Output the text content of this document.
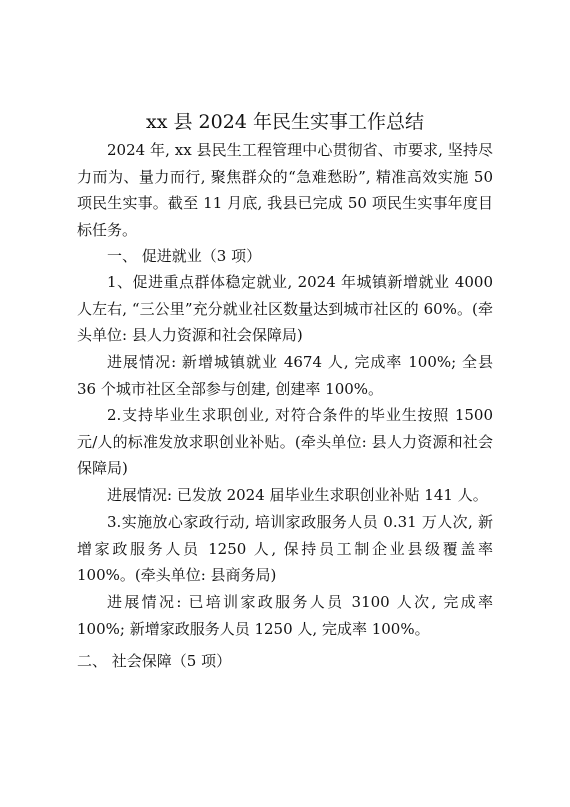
xx 县 2024 年民生实事工作总结

2024 年, xx 县民生工程管理中心贯彻省、市要求, 坚持尽力而为、量力而行, 聚焦群众的“急难愁盼”, 精准高效实施 50 项民生实事。截至 11 月底, 我县已完成 50 项民生实事年度目标任务。

一、 促进就业（3 项）

1、促进重点群体稳定就业, 2024 年城镇新增就业 4000 人左右, “三公里”充分就业社区数量达到城市社区的 60%。(牵头单位: 县人力资源和社会保障局)

进展情况: 新增城镇就业 4674 人, 完成率 100%; 全县 36 个城市社区全部参与创建, 创建率 100%。

2.支持毕业生求职创业, 对符合条件的毕业生按照 1500 元/人的标准发放求职创业补贴。(牵头单位: 县人力资源和社会保障局)

进展情况: 已发放 2024 届毕业生求职创业补贴 141 人。

3.实施放心家政行动, 培训家政服务人员 0.31 万人次, 新增家政服务人员 1250 人, 保持员工制企业县级覆盖率 100%。(牵头单位: 县商务局)

进展情况: 已培训家政服务人员 3100 人次, 完成率 100%; 新增家政服务人员 1250 人, 完成率 100%。

二、 社会保障（5 项）
